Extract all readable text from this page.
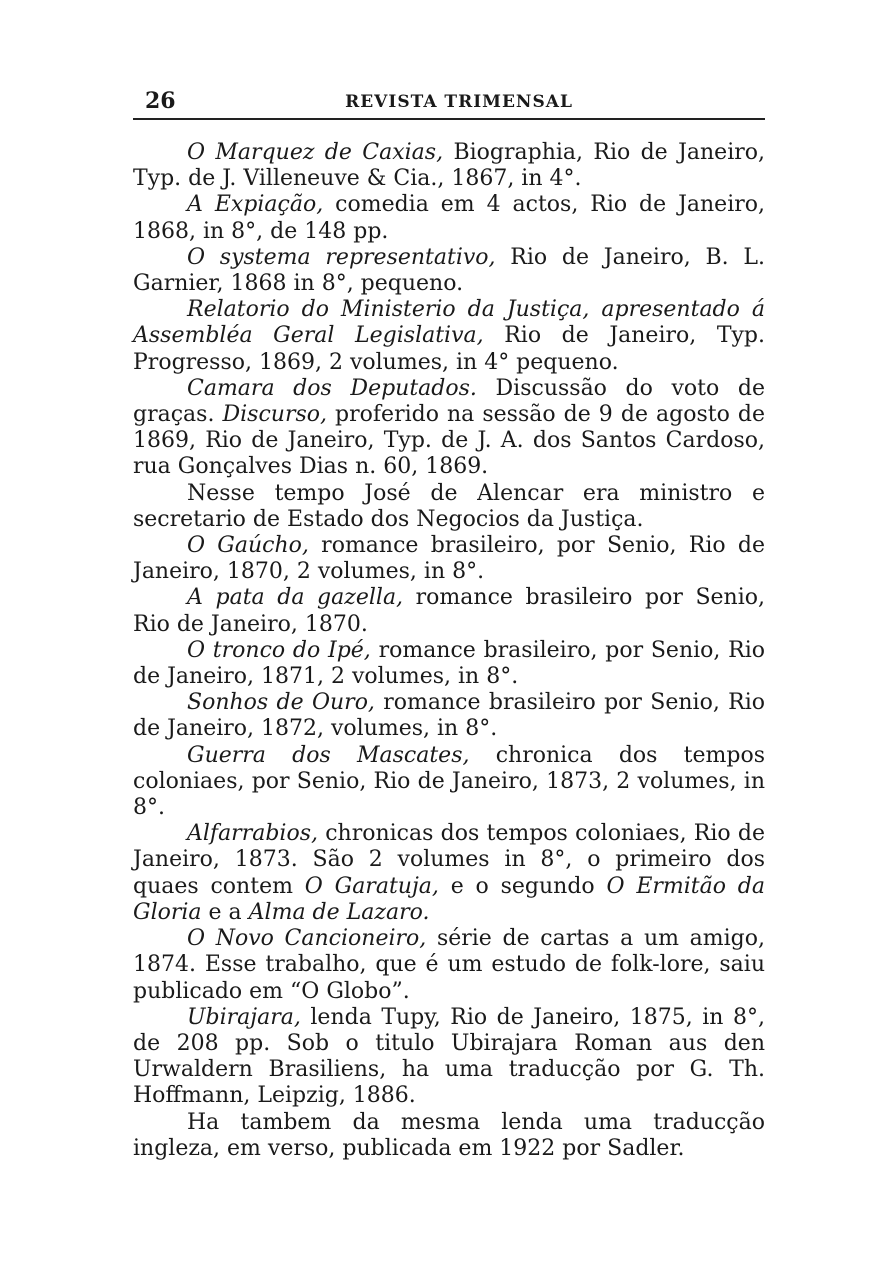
26	REVISTA TRIMENSAL

O Marquez de Caxias, Biographia, Rio de Janeiro, Typ. de J. Villeneuve & Cia., 1867, in 4°.

A Expiação, comedia em 4 actos, Rio de Janeiro, 1868, in 8°, de 148 pp.

O systema representativo, Rio de Janeiro, B. L. Garnier, 1868 in 8°, pequeno.

Relatorio do Ministerio da Justiça, apresentado á Assembléa Geral Legislativa, Rio de Janeiro, Typ. Progresso, 1869, 2 volumes, in 4° pequeno.

Camara dos Deputados. Discussão do voto de graças. Discurso, proferido na sessão de 9 de agosto de 1869, Rio de Janeiro, Typ. de J. A. dos Santos Cardoso, rua Gonçalves Dias n. 60, 1869.

Nesse tempo José de Alencar era ministro e secretario de Estado dos Negocios da Justiça.

O Gaúcho, romance brasileiro, por Senio, Rio de Janeiro, 1870, 2 volumes, in 8°.

A pata da gazella, romance brasileiro por Senio, Rio de Janeiro, 1870.

O tronco do Ipé, romance brasileiro, por Senio, Rio de Janeiro, 1871, 2 volumes, in 8°.

Sonhos de Ouro, romance brasileiro por Senio, Rio de Janeiro, 1872, volumes, in 8°.

Guerra dos Mascates, chronica dos tempos coloniaes, por Senio, Rio de Janeiro, 1873, 2 volumes, in 8°.

Alfarrabios, chronicas dos tempos coloniaes, Rio de Janeiro, 1873. São 2 volumes in 8°, o primeiro dos quaes contem O Garatuja, e o segundo O Ermitão da Gloria e a Alma de Lazaro.

O Novo Cancioneiro, série de cartas a um amigo, 1874. Esse trabalho, que é um estudo de folk-lore, saiu publicado em “O Globo”.

Ubirajara, lenda Tupy, Rio de Janeiro, 1875, in 8°, de 208 pp. Sob o titulo Ubirajara Roman aus den Urwaldern Brasiliens, ha uma traducção por G. Th. Hoffmann, Leipzig, 1886.

Ha tambem da mesma lenda uma traducção ingleza, em verso, publicada em 1922 por Sadler.
